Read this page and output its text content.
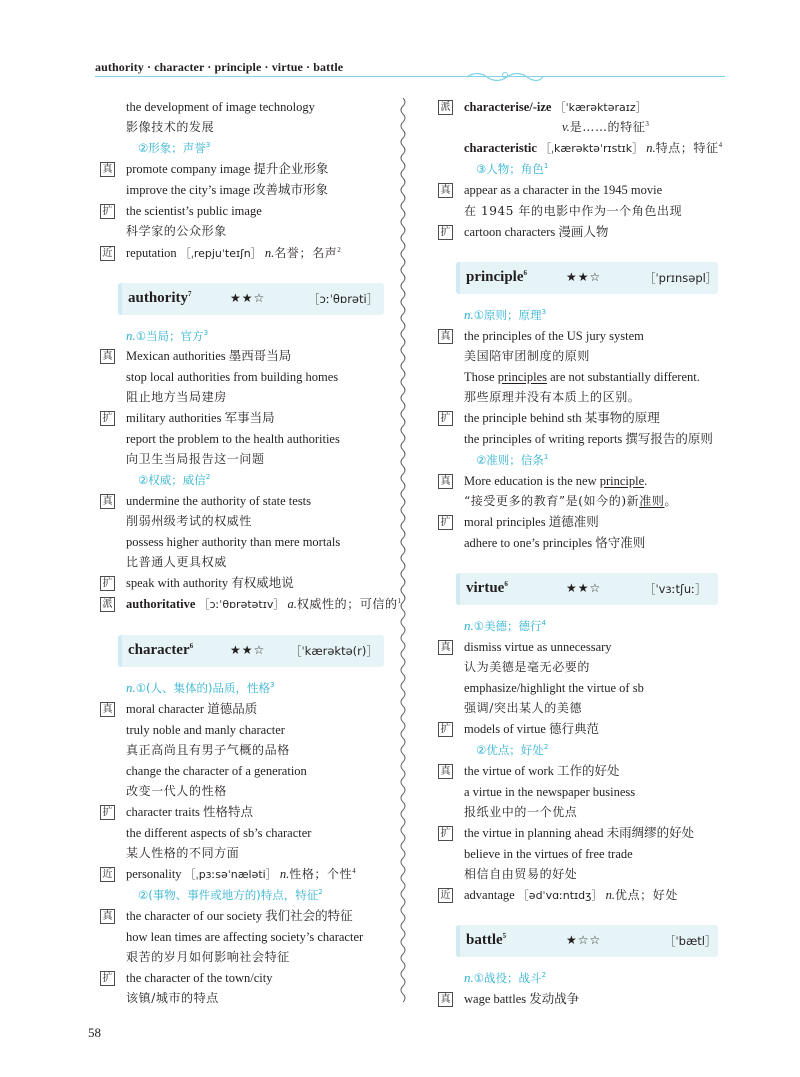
authority · character · principle · virtue · battle
the development of image technology
影像技术的发展
②形象；声誉$^3$
真 promote company image 提升企业形象
improve the city’s image 改善城市形象
扩 the scientist’s public image
科学家的公众形象
近 reputation ［ˌrepjuˈteɪʃn］ n.名誉；名声$^2$
authority$^7$	★★☆	［ɔːˈθɒrəti］
n.①当局；官方$^3$
真 Mexican authorities 墨西哥当局
stop local authorities from building homes
阻止地方当局建房
扩 military authorities 军事当局
report the problem to the health authorities
向卫生当局报告这一问题
②权威；威信$^2$
真 undermine the authority of state tests
削弱州级考试的权威性
possess higher authority than mere mortals
比普通人更具权威
扩 speak with authority 有权威地说
派 authoritative ［ɔːˈθɒrətətɪv］ a.权威性的；可信的$^1$
character$^6$	★★☆ ［ˈkærəktə(r)］
n.①(人、集体的)品质，性格$^3$
真 moral character 道德品质
truly noble and manly character
真正高尚且有男子气概的品格
change the character of a generation
改变一代人的性格
扩 character traits 性格特点
the different aspects of sb’s character
某人性格的不同方面
近 personality ［ˌpɜːsəˈnæləti］ n.性格；个性$^4$
②(事物、事件或地方的)特点，特征$^2$
真 the character of our society 我们社会的特征
how lean times are affecting society’s character
艰苦的岁月如何影响社会特征
扩 the character of the town/city
该镇/城市的特点
派 characterise/-ize ［ˈkærəktəraɪz］
v.是……的特征$^3$
characteristic ［ˌkærəktəˈrɪstɪk］ n.特点；特征$^4$
③人物；角色$^1$
真 appear as a character in the 1945 movie
在 1945 年的电影中作为一个角色出现
扩 cartoon characters 漫画人物
principle$^6$	★★☆	［ˈprɪnsəpl］
n.①原则；原理$^3$
真 the principles of the US jury system
美国陪审团制度的原则
Those principles are not substantially different.
那些原理并没有本质上的区别。
扩 the principle behind sth 某事物的原理
the principles of writing reports 撰写报告的原则
②准则；信条$^1$
真 More education is the new principle.
“接受更多的教育”是(如今的)新准则。
扩 moral principles 道德准则
adhere to one’s principles 恪守准则
virtue$^6$	★★☆	［ˈvɜːtʃuː］
n.①美德；德行$^4$
真 dismiss virtue as unnecessary
认为美德是毫无必要的
emphasize/highlight the virtue of sb
强调/突出某人的美德
扩 models of virtue 德行典范
②优点；好处$^2$
真 the virtue of work 工作的好处
a virtue in the newspaper business
报纸业中的一个优点
扩 the virtue in planning ahead 未雨绸缪的好处
believe in the virtues of free trade
相信自由贸易的好处
近 advantage ［ədˈvɑːntɪdʒ］ n.优点；好处
battle$^5$	★☆☆	［ˈbætl］
n.①战役；战斗$^2$
真 wage battles 发动战争
58
